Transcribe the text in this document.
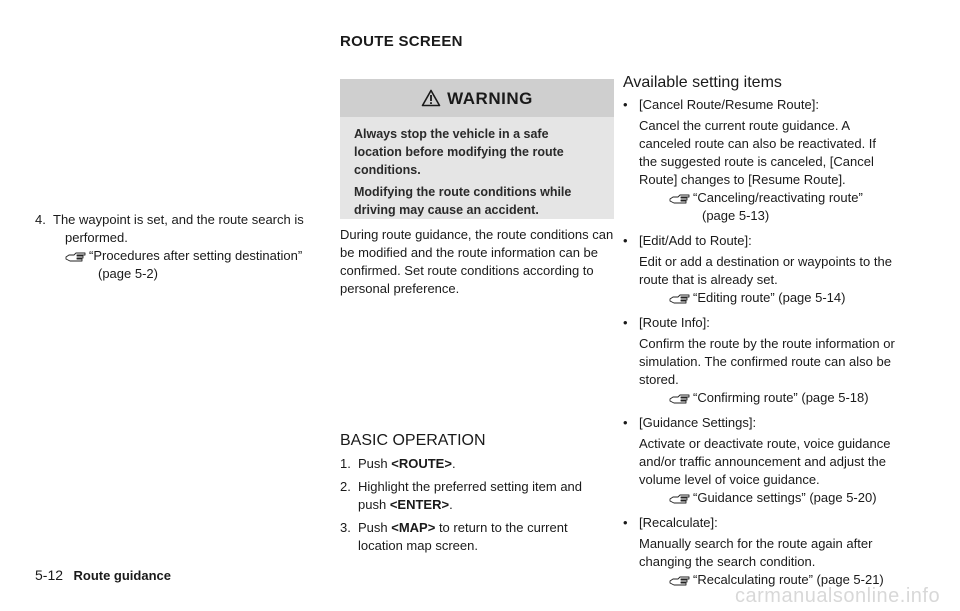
ROUTE SCREEN
4. The waypoint is set, and the route search is
performed.
“Procedures after setting destination”
(page 5-2)
WARNING
Always stop the vehicle in a safe
location before modifying the route
conditions.
Modifying the route conditions while
driving may cause an accident.
During route guidance, the route conditions can
be modified and the route information can be
confirmed. Set route conditions according to
personal preference.
BASIC OPERATION
1. Push <ROUTE>.
2. Highlight the preferred setting item and
push <ENTER>.
3. Push <MAP> to return to the current
location map screen.
Available setting items
• [Cancel Route/Resume Route]:
Cancel the current route guidance. A
canceled route can also be reactivated. If
the suggested route is canceled, [Cancel
Route] changes to [Resume Route].
“Canceling/reactivating route”
(page 5-13)
• [Edit/Add to Route]:
Edit or add a destination or waypoints to the
route that is already set.
“Editing route” (page 5-14)
• [Route Info]:
Confirm the route by the route information or
simulation. The confirmed route can also be
stored.
“Confirming route” (page 5-18)
• [Guidance Settings]:
Activate or deactivate route, voice guidance
and/or traffic announcement and adjust the
volume level of voice guidance.
“Guidance settings” (page 5-20)
• [Recalculate]:
Manually search for the route again after
changing the search condition.
“Recalculating route” (page 5-21)
5-12 Route guidance
carmanualsonline.info
